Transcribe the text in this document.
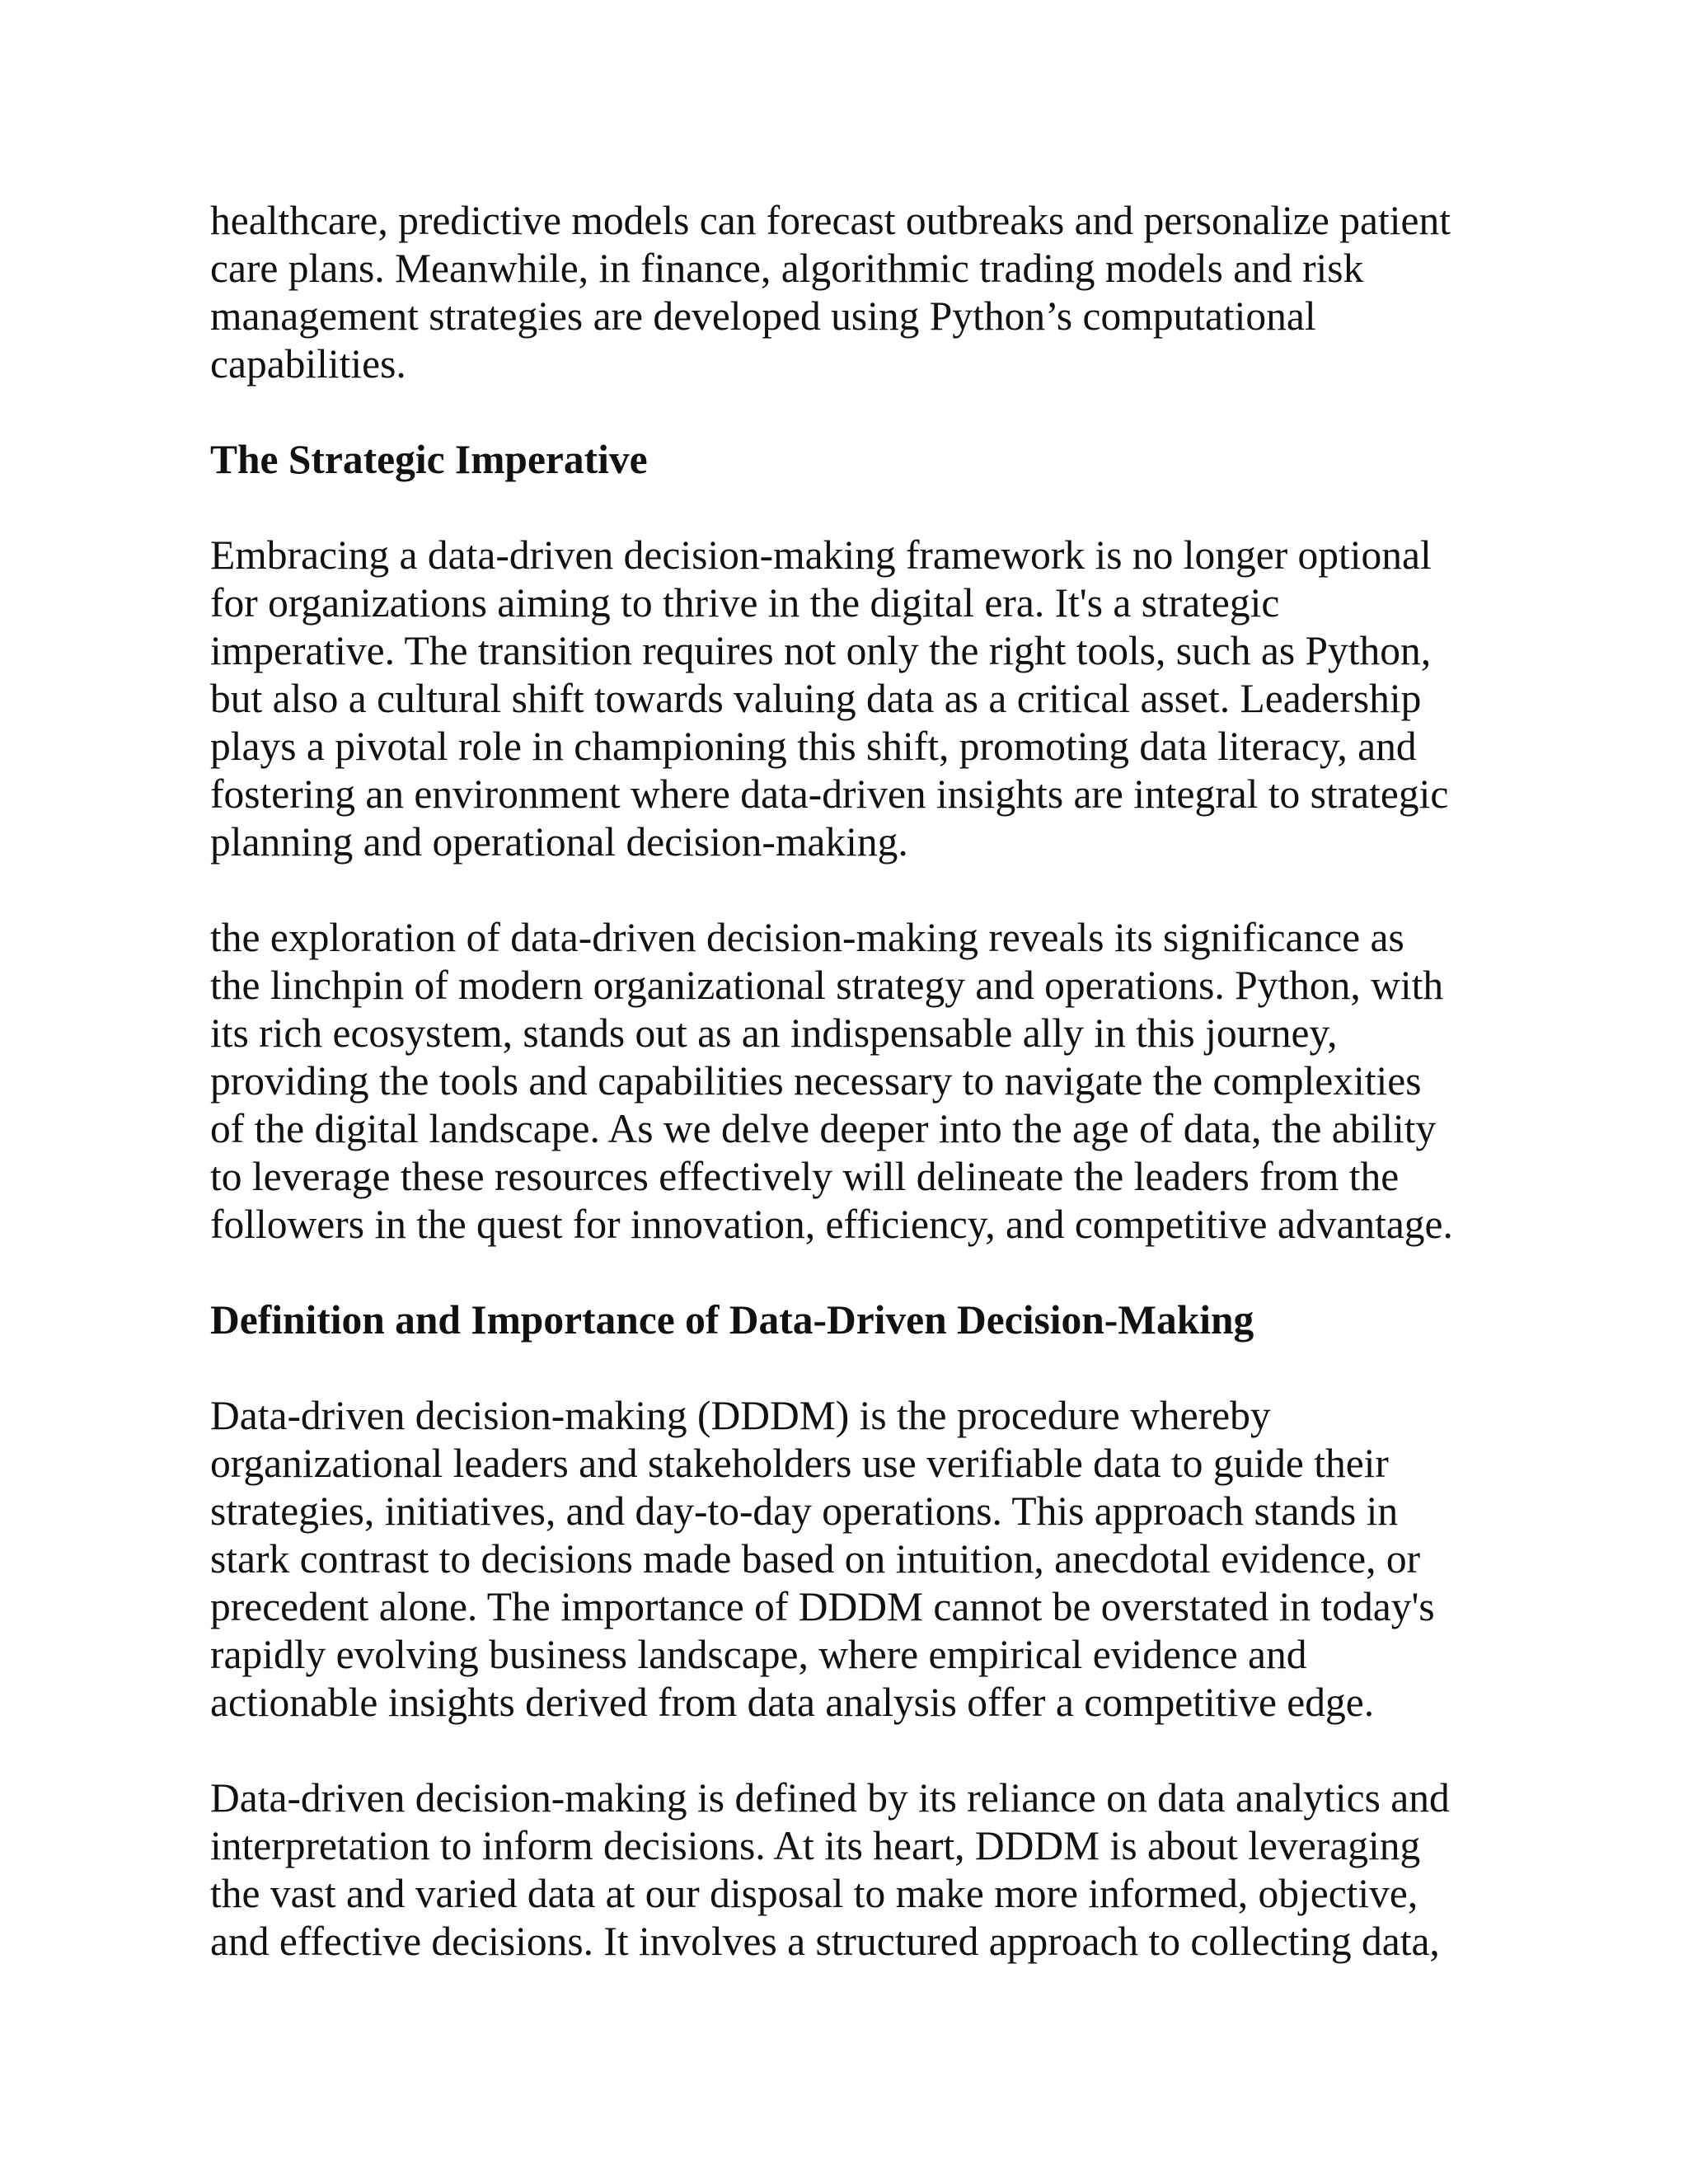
healthcare, predictive models can forecast outbreaks and personalize patient
care plans. Meanwhile, in finance, algorithmic trading models and risk
management strategies are developed using Python’s computational
capabilities.
The Strategic Imperative
Embracing a data-driven decision-making framework is no longer optional
for organizations aiming to thrive in the digital era. It's a strategic
imperative. The transition requires not only the right tools, such as Python,
but also a cultural shift towards valuing data as a critical asset. Leadership
plays a pivotal role in championing this shift, promoting data literacy, and
fostering an environment where data-driven insights are integral to strategic
planning and operational decision-making.
the exploration of data-driven decision-making reveals its significance as
the linchpin of modern organizational strategy and operations. Python, with
its rich ecosystem, stands out as an indispensable ally in this journey,
providing the tools and capabilities necessary to navigate the complexities
of the digital landscape. As we delve deeper into the age of data, the ability
to leverage these resources effectively will delineate the leaders from the
followers in the quest for innovation, efficiency, and competitive advantage.
Definition and Importance of Data-Driven Decision-Making
Data-driven decision-making (DDDM) is the procedure whereby
organizational leaders and stakeholders use verifiable data to guide their
strategies, initiatives, and day-to-day operations. This approach stands in
stark contrast to decisions made based on intuition, anecdotal evidence, or
precedent alone. The importance of DDDM cannot be overstated in today's
rapidly evolving business landscape, where empirical evidence and
actionable insights derived from data analysis offer a competitive edge.
Data-driven decision-making is defined by its reliance on data analytics and
interpretation to inform decisions. At its heart, DDDM is about leveraging
the vast and varied data at our disposal to make more informed, objective,
and effective decisions. It involves a structured approach to collecting data,
